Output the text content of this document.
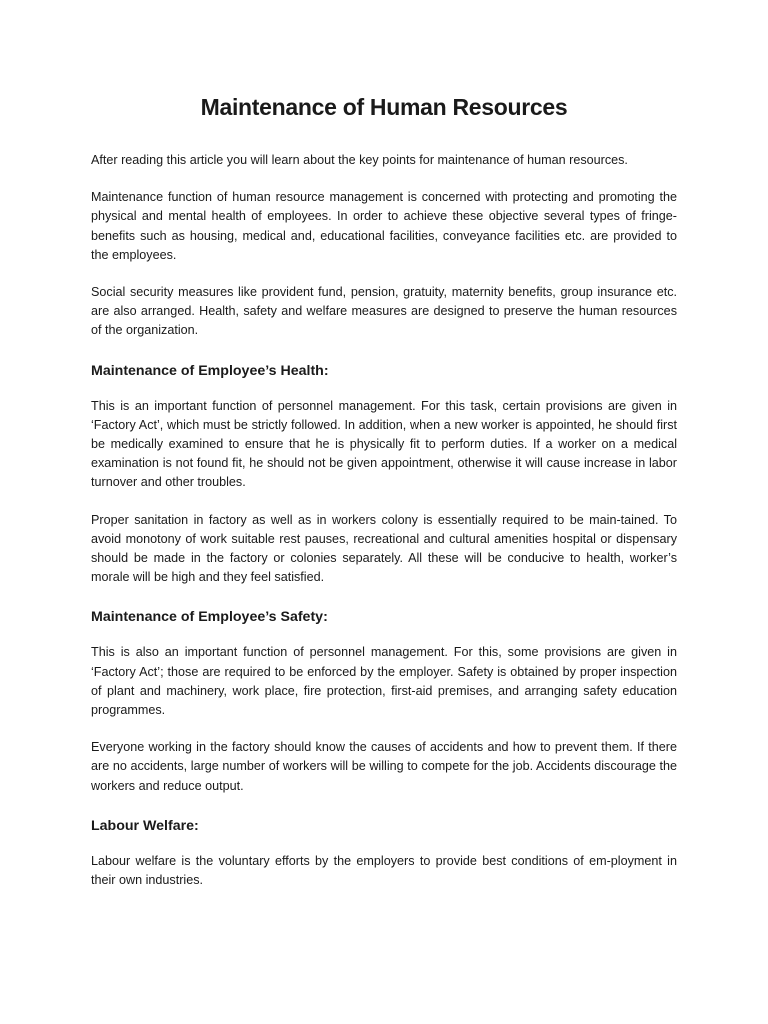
Maintenance of Human Resources

After reading this article you will learn about the key points for maintenance of human resources.

Maintenance function of human resource management is concerned with protecting and promoting the physical and mental health of employees. In order to achieve these objective several types of fringe-benefits such as housing, medical and, educational facilities, conveyance facilities etc. are provided to the employees.

Social security measures like provident fund, pension, gratuity, maternity benefits, group insurance etc. are also arranged. Health, safety and welfare measures are designed to preserve the human resources of the organization.

Maintenance of Employee’s Health:

This is an important function of personnel management. For this task, certain provisions are given in ‘Factory Act’, which must be strictly followed. In addition, when a new worker is appointed, he should first be medically examined to ensure that he is physically fit to perform duties. If a worker on a medical examination is not found fit, he should not be given appointment, otherwise it will cause increase in labor turnover and other troubles.

Proper sanitation in factory as well as in workers colony is essentially required to be main-tained. To avoid monotony of work suitable rest pauses, recreational and cultural amenities hospital or dispensary should be made in the factory or colonies separately. All these will be conducive to health, worker’s morale will be high and they feel satisfied.

Maintenance of Employee’s Safety:

This is also an important function of personnel management. For this, some provisions are given in ‘Factory Act’; those are required to be enforced by the employer. Safety is obtained by proper inspection of plant and machinery, work place, fire protection, first-aid premises, and arranging safety education programmes.

Everyone working in the factory should know the causes of accidents and how to prevent them. If there are no accidents, large number of workers will be willing to compete for the job. Accidents discourage the workers and reduce output.

Labour Welfare:

Labour welfare is the voluntary efforts by the employers to provide best conditions of em-ployment in their own industries.
